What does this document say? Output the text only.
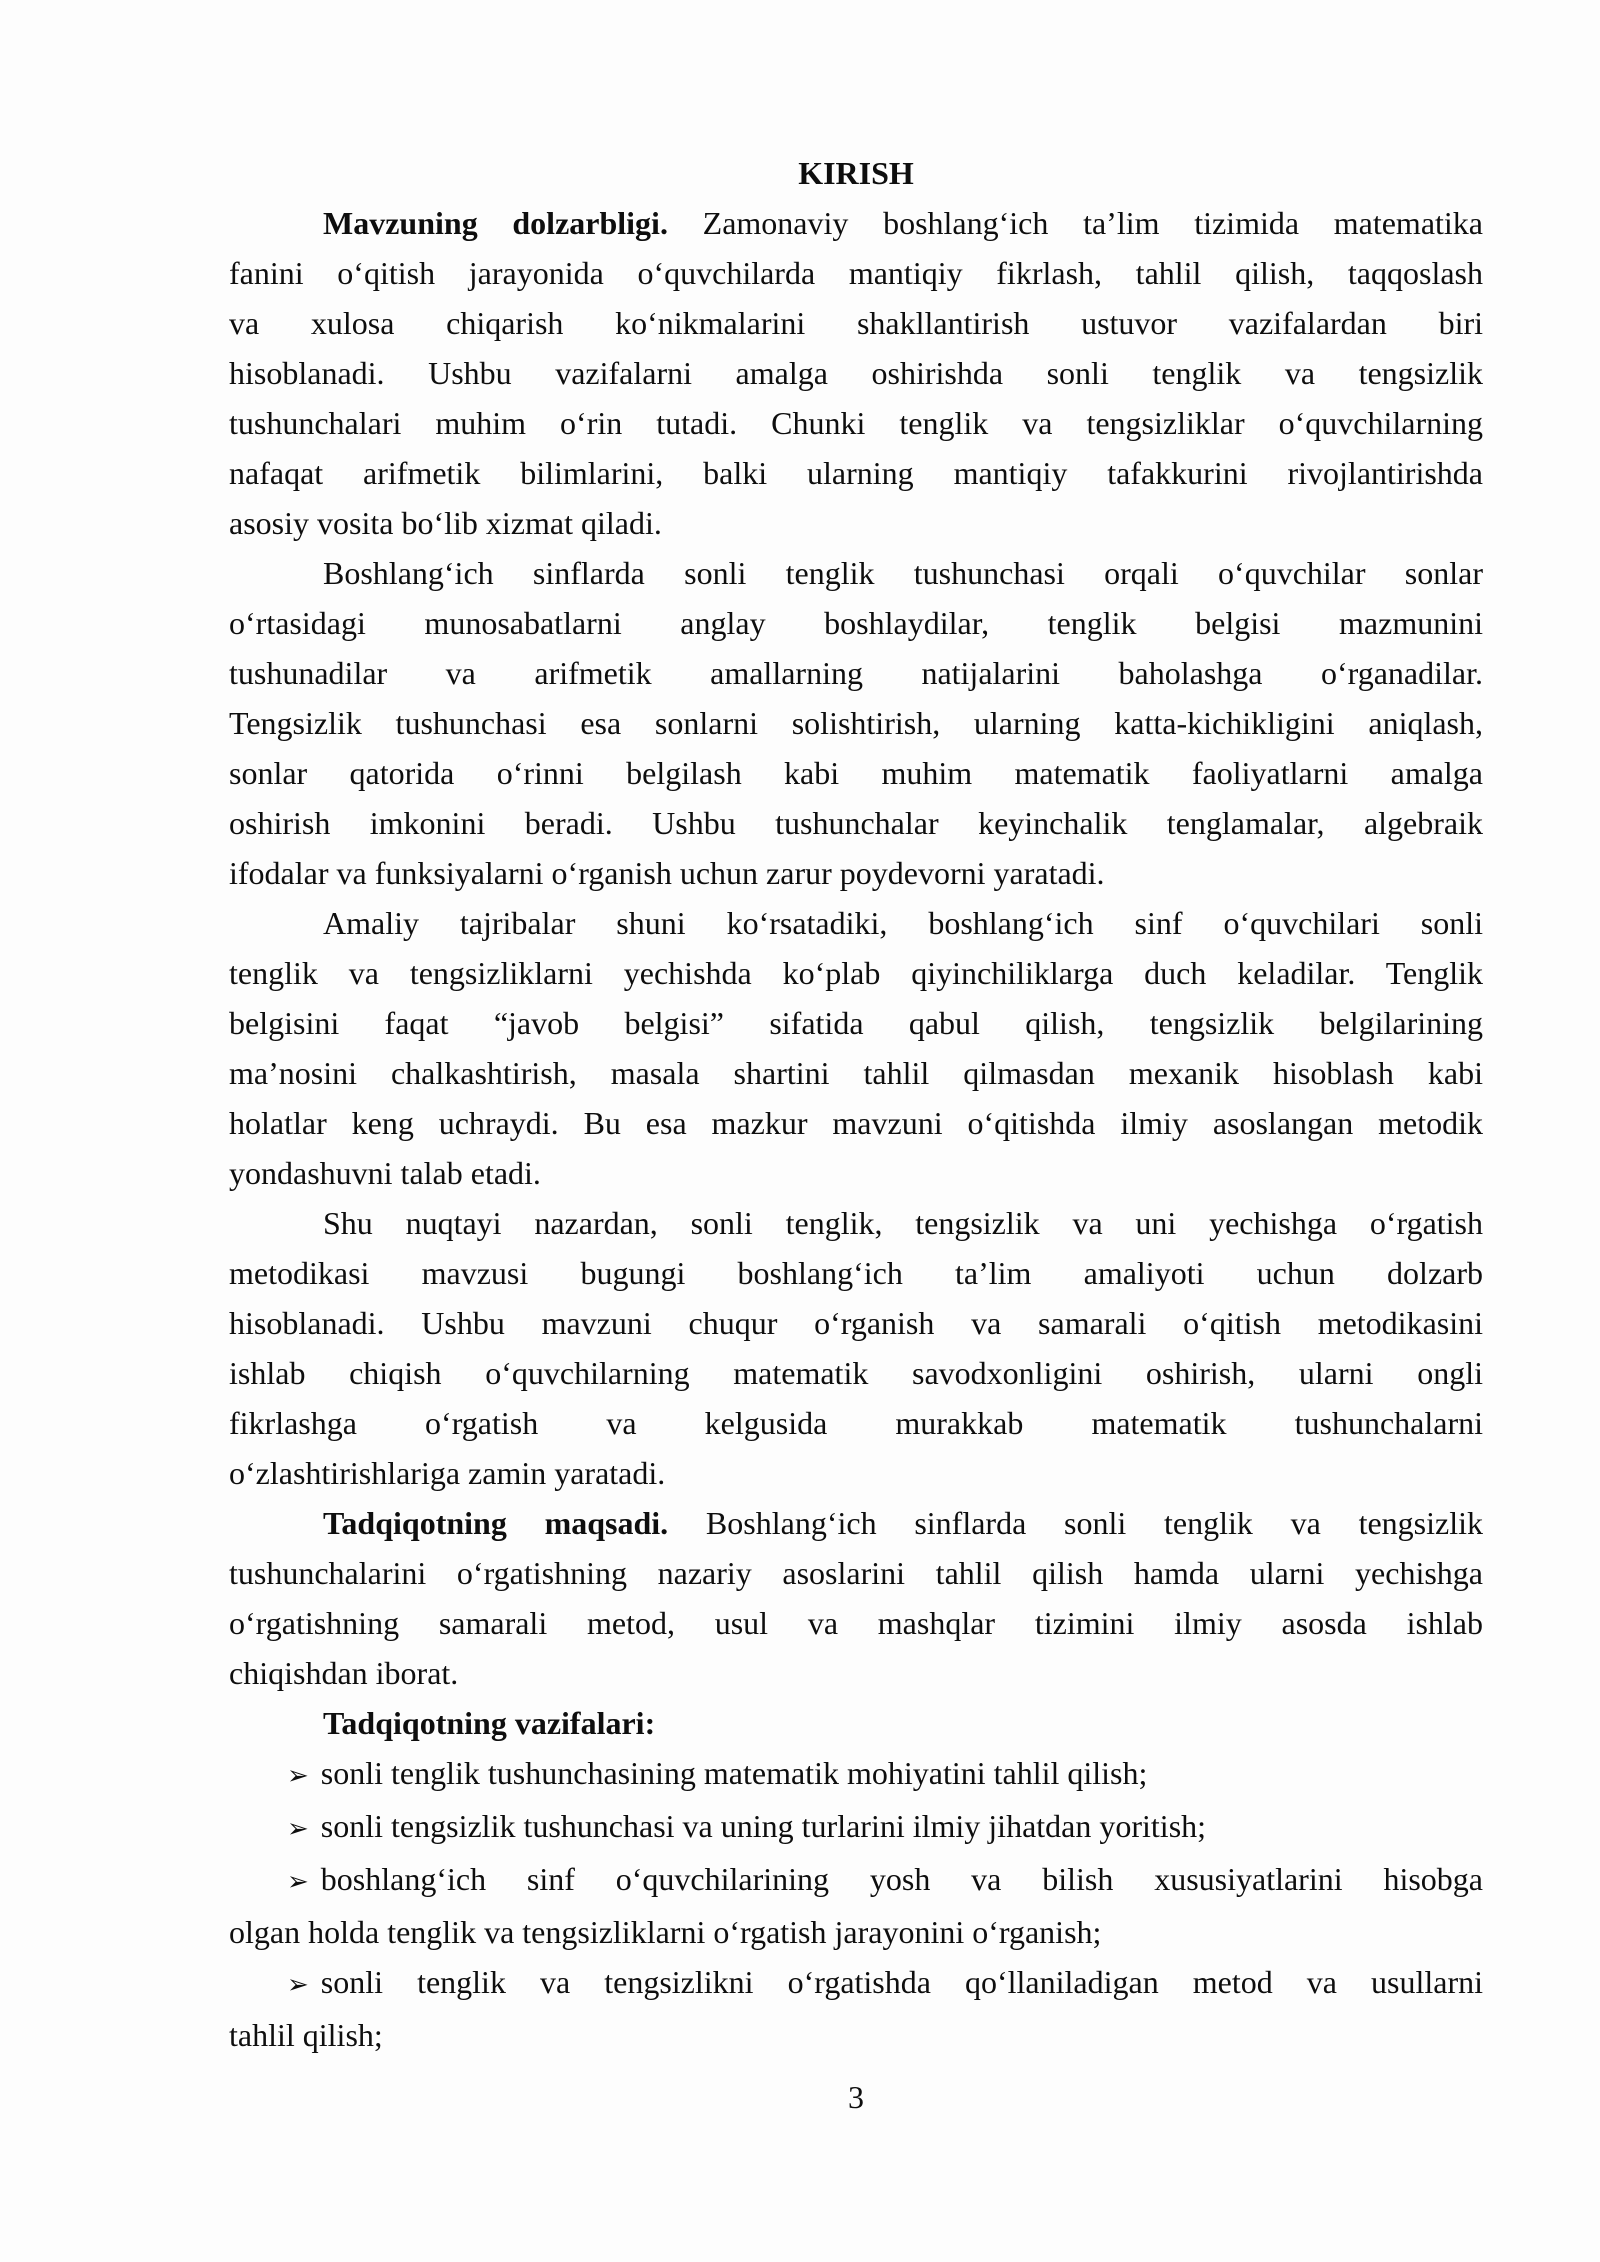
KIRISH
Mavzuning dolzarbligi. Zamonaviy boshlangʻich taʼlim tizimida matematika
fanini oʻqitish jarayonida oʻquvchilarda mantiqiy fikrlash, tahlil qilish, taqqoslash
va xulosa chiqarish koʻnikmalarini shakllantirish ustuvor vazifalardan biri
hisoblanadi. Ushbu vazifalarni amalga oshirishda sonli tenglik va tengsizlik
tushunchalari muhim oʻrin tutadi. Chunki tenglik va tengsizliklar oʻquvchilarning
nafaqat arifmetik bilimlarini, balki ularning mantiqiy tafakkurini rivojlantirishda
asosiy vosita boʻlib xizmat qiladi.
Boshlangʻich sinflarda sonli tenglik tushunchasi orqali oʻquvchilar sonlar
oʻrtasidagi munosabatlarni anglay boshlaydilar, tenglik belgisi mazmunini
tushunadilar va arifmetik amallarning natijalarini baholashga oʻrganadilar.
Tengsizlik tushunchasi esa sonlarni solishtirish, ularning katta-kichikligini aniqlash,
sonlar qatorida oʻrinni belgilash kabi muhim matematik faoliyatlarni amalga
oshirish imkonini beradi. Ushbu tushunchalar keyinchalik tenglamalar, algebraik
ifodalar va funksiyalarni oʻrganish uchun zarur poydevorni yaratadi.
Amaliy tajribalar shuni koʻrsatadiki, boshlangʻich sinf oʻquvchilari sonli
tenglik va tengsizliklarni yechishda koʻplab qiyinchiliklarga duch keladilar. Tenglik
belgisini faqat “javob belgisi” sifatida qabul qilish, tengsizlik belgilarining
maʼnosini chalkashtirish, masala shartini tahlil qilmasdan mexanik hisoblash kabi
holatlar keng uchraydi. Bu esa mazkur mavzuni oʻqitishda ilmiy asoslangan metodik
yondashuvni talab etadi.
Shu nuqtayi nazardan, sonli tenglik, tengsizlik va uni yechishga oʻrgatish
metodikasi mavzusi bugungi boshlangʻich taʼlim amaliyoti uchun dolzarb
hisoblanadi. Ushbu mavzuni chuqur oʻrganish va samarali oʻqitish metodikasini
ishlab chiqish oʻquvchilarning matematik savodxonligini oshirish, ularni ongli
fikrlashga oʻrgatish va kelgusida murakkab matematik tushunchalarni
oʻzlashtirishlariga zamin yaratadi.
Tadqiqotning maqsadi. Boshlangʻich sinflarda sonli tenglik va tengsizlik
tushunchalarini oʻrgatishning nazariy asoslarini tahlil qilish hamda ularni yechishga
oʻrgatishning samarali metod, usul va mashqlar tizimini ilmiy asosda ishlab
chiqishdan iborat.
Tadqiqotning vazifalari:
➢ sonli tenglik tushunchasining matematik mohiyatini tahlil qilish;
➢ sonli tengsizlik tushunchasi va uning turlarini ilmiy jihatdan yoritish;
➢ boshlangʻich sinf oʻquvchilarining yosh va bilish xususiyatlarini hisobga
olgan holda tenglik va tengsizliklarni oʻrgatish jarayonini oʻrganish;
➢ sonli tenglik va tengsizlikni oʻrgatishda qoʻllaniladigan metod va usullarni
tahlil qilish;
3
